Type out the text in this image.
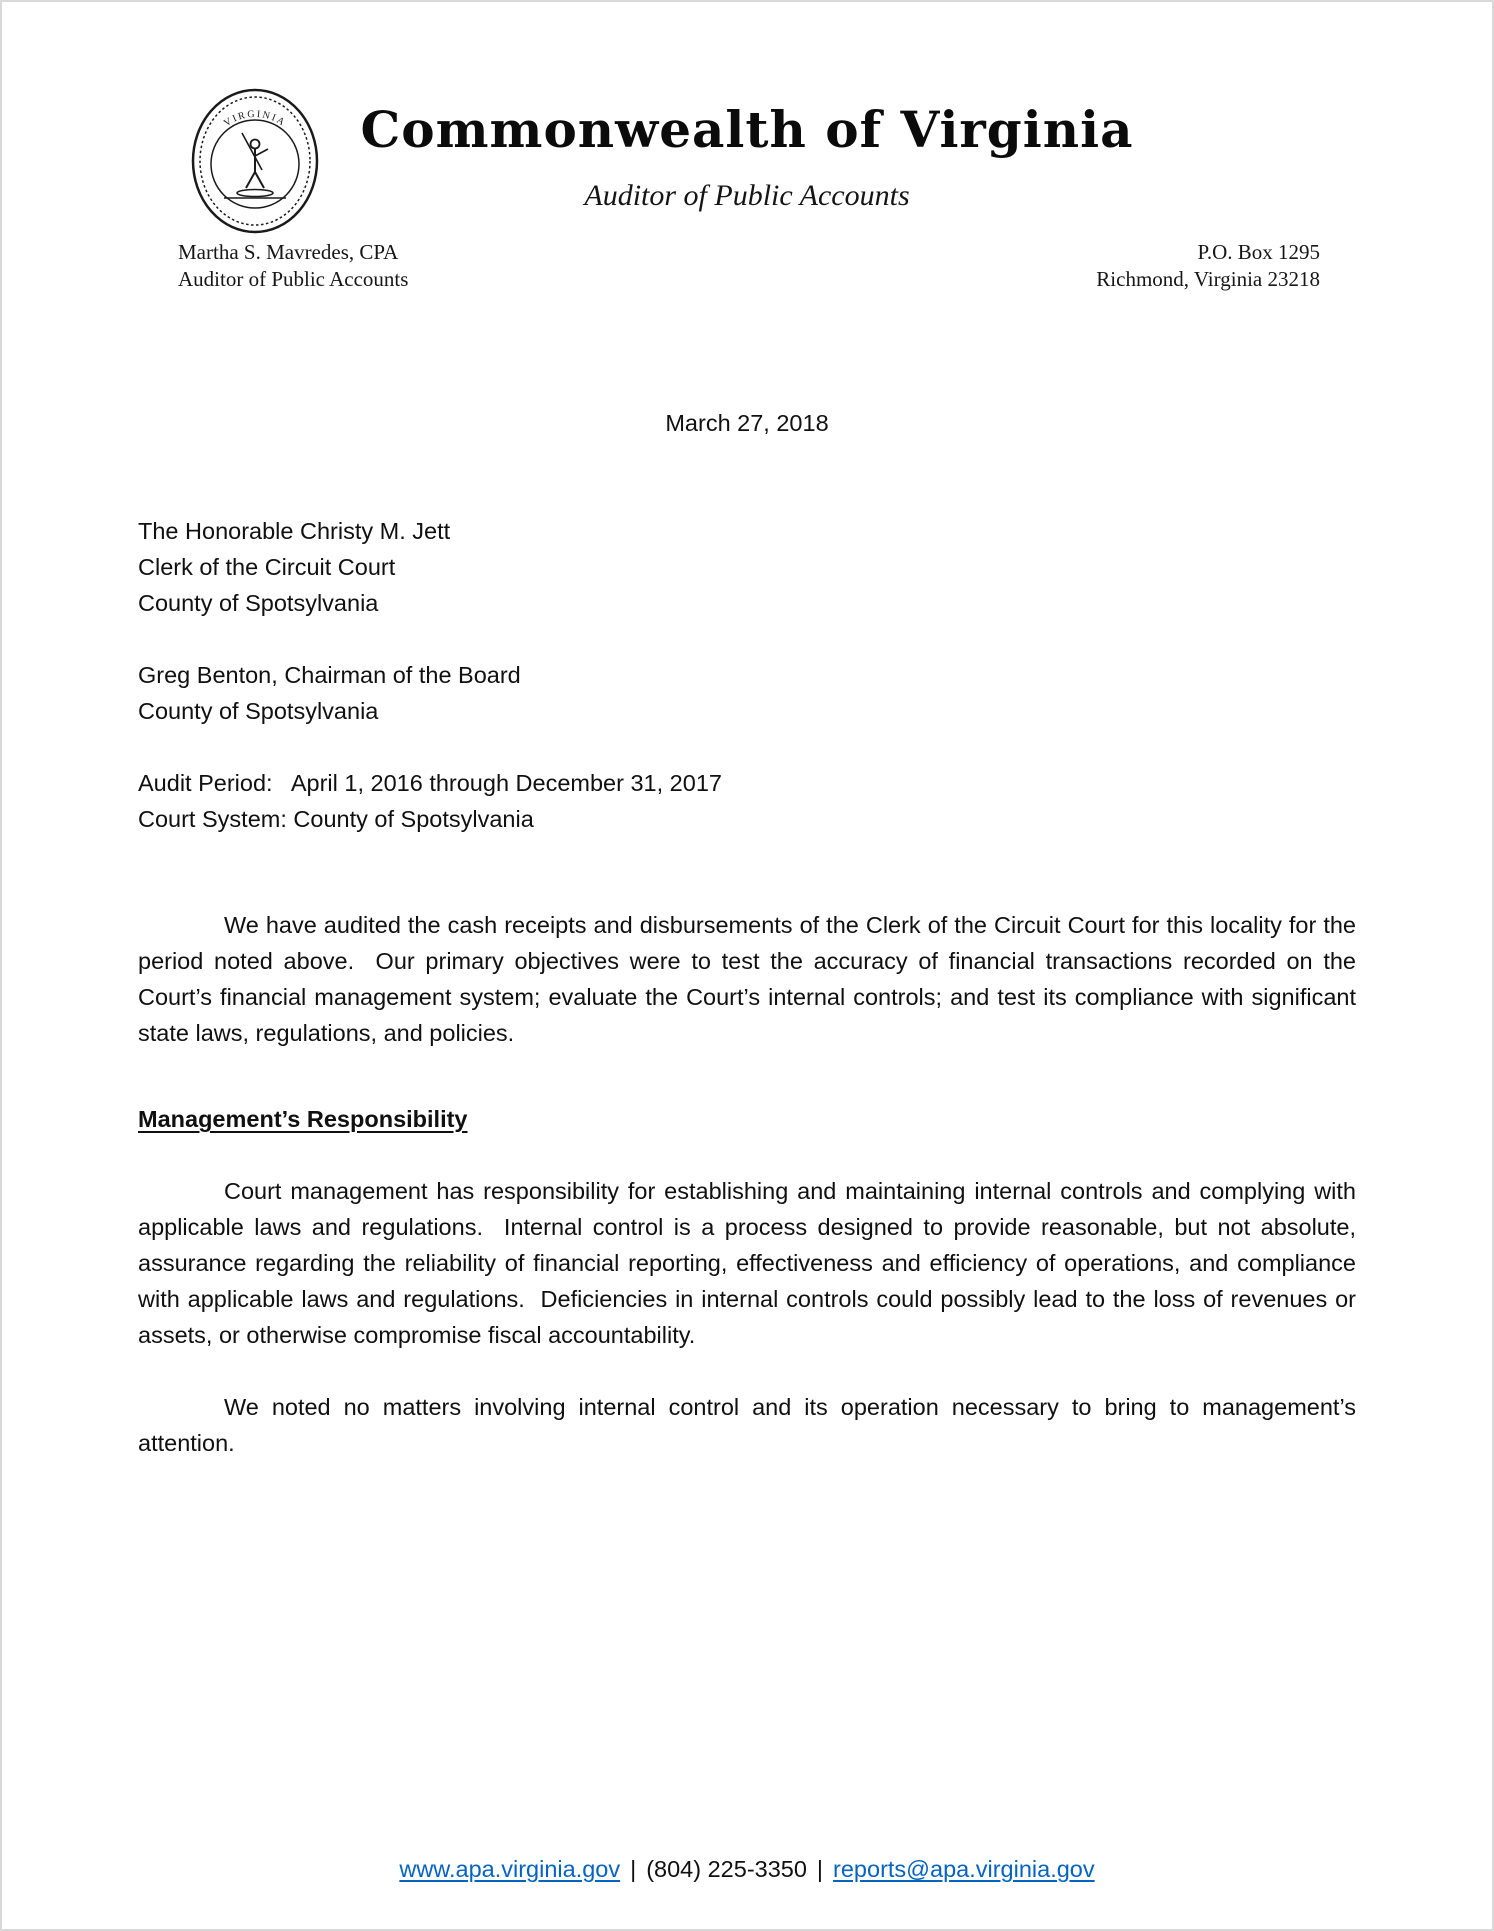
VIRGINIA	Commonwealth of Virginia
Auditor of Public Accounts
Martha S. Mavredes, CPA
Auditor of Public Accounts
P.O. Box 1295
Richmond, Virginia 23218
March 27, 2018
The Honorable Christy M. Jett
Clerk of the Circuit Court
County of Spotsylvania
Greg Benton, Chairman of the Board
County of Spotsylvania
Audit Period:   April 1, 2016 through December 31, 2017
Court System: County of Spotsylvania

We have audited the cash receipts and disbursements of the Clerk of the Circuit Court for this locality for the period noted above.  Our primary objectives were to test the accuracy of financial transactions recorded on the Court’s financial management system; evaluate the Court’s internal controls; and test its compliance with significant state laws, regulations, and policies.

Management’s Responsibility

Court management has responsibility for establishing and maintaining internal controls and complying with applicable laws and regulations.  Internal control is a process designed to provide reasonable, but not absolute, assurance regarding the reliability of financial reporting, effectiveness and efficiency of operations, and compliance with applicable laws and regulations.  Deficiencies in internal controls could possibly lead to the loss of revenues or assets, or otherwise compromise fiscal accountability.

We noted no matters involving internal control and its operation necessary to bring to management’s attention.

www.apa.virginia.gov | (804) 225-3350 | reports@apa.virginia.gov
